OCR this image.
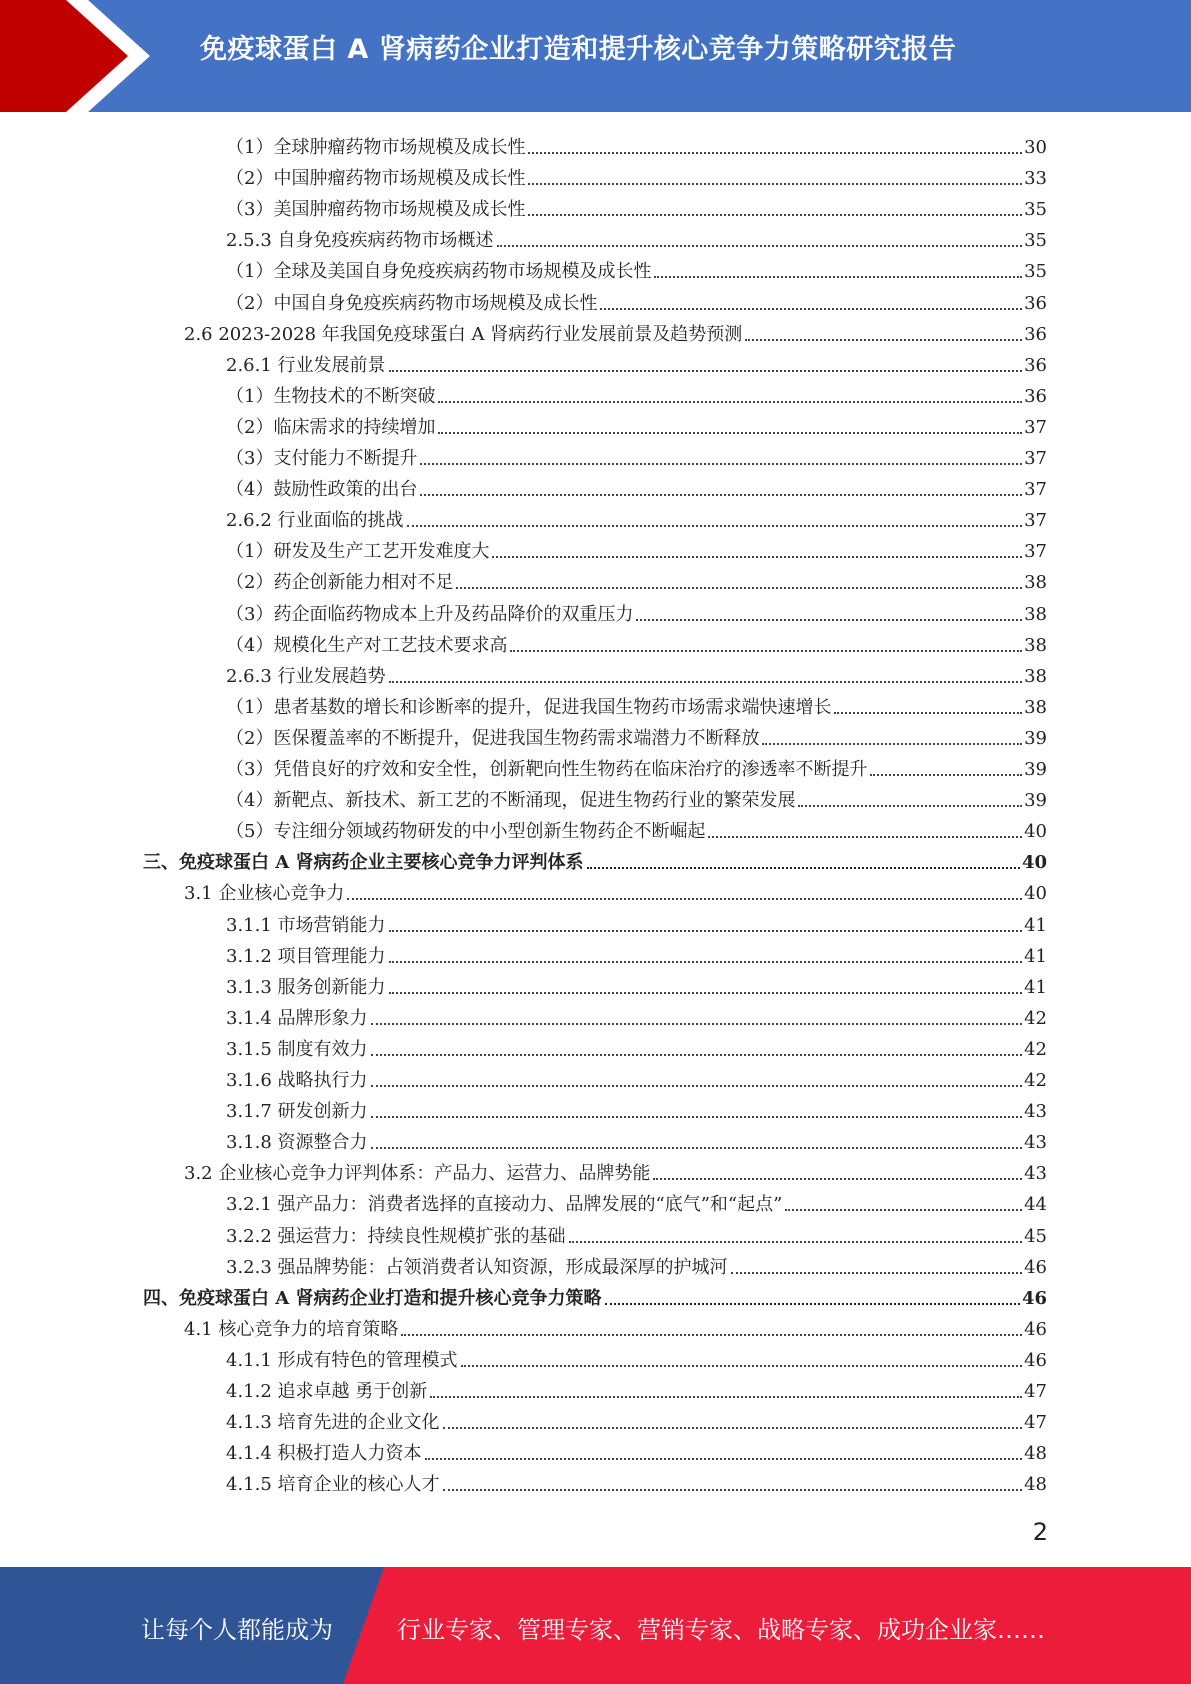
免疫球蛋白 A 肾病药企业打造和提升核心竞争力策略研究报告
（1）全球肿瘤药物市场规模及成长性	30
（2）中国肿瘤药物市场规模及成长性	33
（3）美国肿瘤药物市场规模及成长性	35
2.5.3 自身免疫疾病药物市场概述	35
（1）全球及美国自身免疫疾病药物市场规模及成长性	35
（2）中国自身免疫疾病药物市场规模及成长性	36
2.6 2023-2028 年我国免疫球蛋白 A 肾病药行业发展前景及趋势预测	36
2.6.1 行业发展前景	36
（1）生物技术的不断突破	36
（2）临床需求的持续增加	37
（3）支付能力不断提升	37
（4）鼓励性政策的出台	37
2.6.2 行业面临的挑战	37
（1）研发及生产工艺开发难度大	37
（2）药企创新能力相对不足	38
（3）药企面临药物成本上升及药品降价的双重压力	38
（4）规模化生产对工艺技术要求高	38
2.6.3 行业发展趋势	38
（1）患者基数的增长和诊断率的提升，促进我国生物药市场需求端快速增长	38
（2）医保覆盖率的不断提升，促进我国生物药需求端潜力不断释放	39
（3）凭借良好的疗效和安全性，创新靶向性生物药在临床治疗的渗透率不断提升	39
（4）新靶点、新技术、新工艺的不断涌现，促进生物药行业的繁荣发展	39
（5）专注细分领域药物研发的中小型创新生物药企不断崛起	40
三、免疫球蛋白 A 肾病药企业主要核心竞争力评判体系	40
3.1 企业核心竞争力	40
3.1.1 市场营销能力	41
3.1.2 项目管理能力	41
3.1.3 服务创新能力	41
3.1.4 品牌形象力	42
3.1.5 制度有效力	42
3.1.6 战略执行力	42
3.1.7 研发创新力	43
3.1.8 资源整合力	43
3.2 企业核心竞争力评判体系：产品力、运营力、品牌势能	43
3.2.1 强产品力：消费者选择的直接动力、品牌发展的“底气”和“起点”	44
3.2.2 强运营力：持续良性规模扩张的基础	45
3.2.3 强品牌势能：占领消费者认知资源，形成最深厚的护城河	46
四、免疫球蛋白 A 肾病药企业打造和提升核心竞争力策略	46
4.1 核心竞争力的培育策略	46
4.1.1 形成有特色的管理模式	46
4.1.2 追求卓越 勇于创新	47
4.1.3 培育先进的企业文化	47
4.1.4 积极打造人力资本	48
4.1.5 培育企业的核心人才	48
2
让每个人都能成为	行业专家、管理专家、营销专家、战略专家、成功企业家……
